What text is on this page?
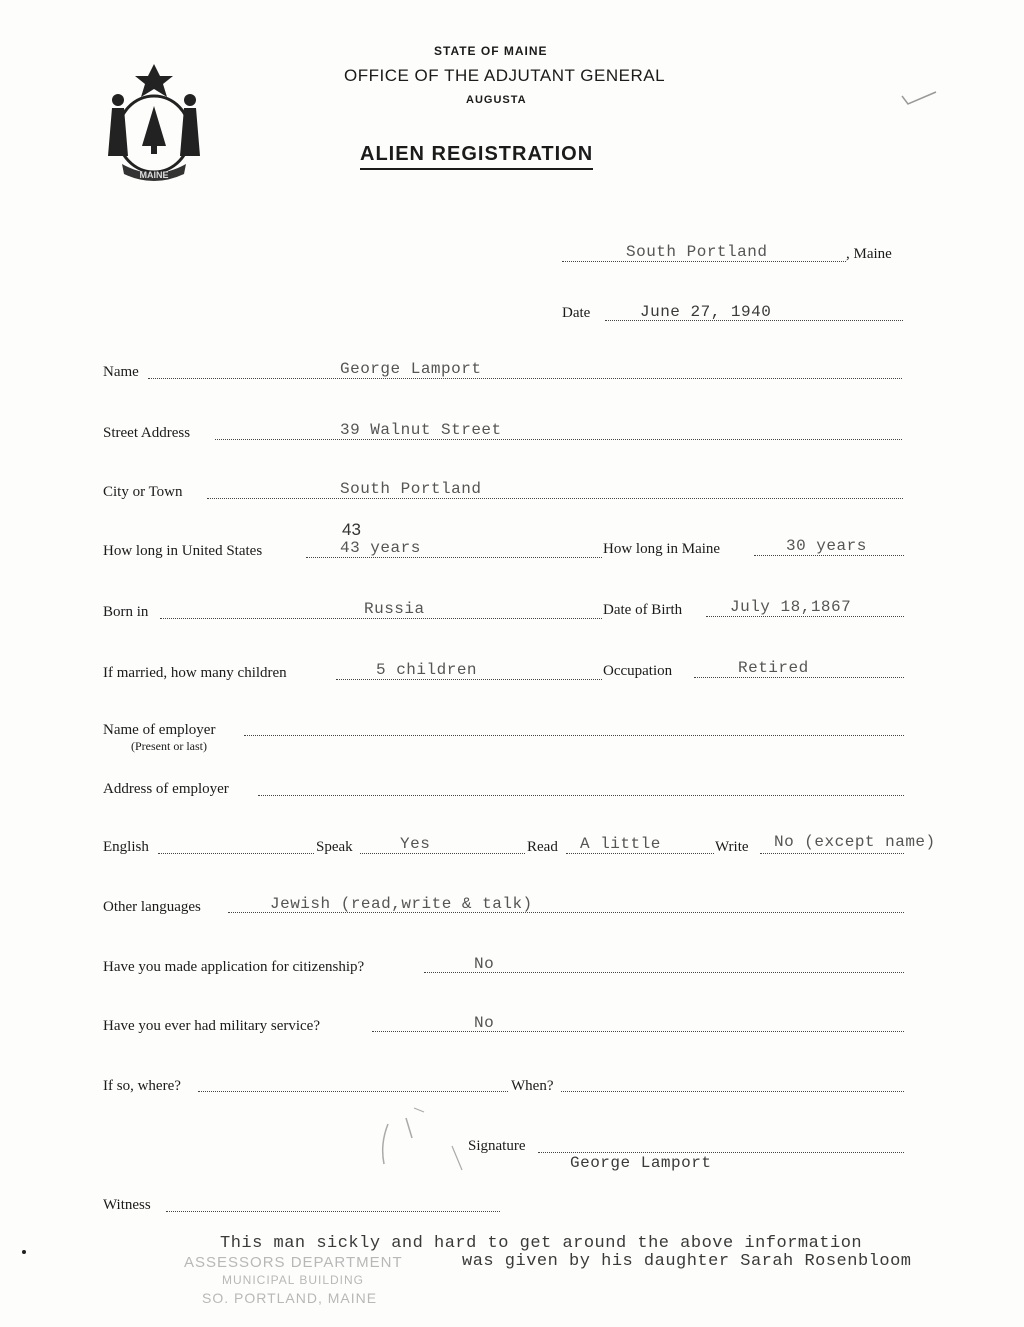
MAINE
STATE OF MAINE
OFFICE OF THE ADJUTANT GENERAL
AUGUSTA
ALIEN REGISTRATION
South Portland	, Maine
Date	June 27, 1940
Name	George Lamport
Street Address	39 Walnut Street
City or Town	South Portland
43
How long in United States	43 years	How long in Maine	30 years
Born in	Russia	Date of Birth	July 18,1867
If married, how many children	5 children	Occupation	Retired
Name of employer
(Present or last)
Address of employer
English	Speak	Yes	Read A little	Write No (except name)
Other languages	Jewish (read,write & talk)
Have you made application for citizenship?	No
Have you ever had military service?	No
If so, where?	When?
Signature
George Lamport
Witness
ASSESSORS DEPARTMENT
MUNICIPAL BUILDING
SO. PORTLAND, MAINE
This man sickly and hard to get around the above information
was given by his daughter Sarah Rosenbloom
